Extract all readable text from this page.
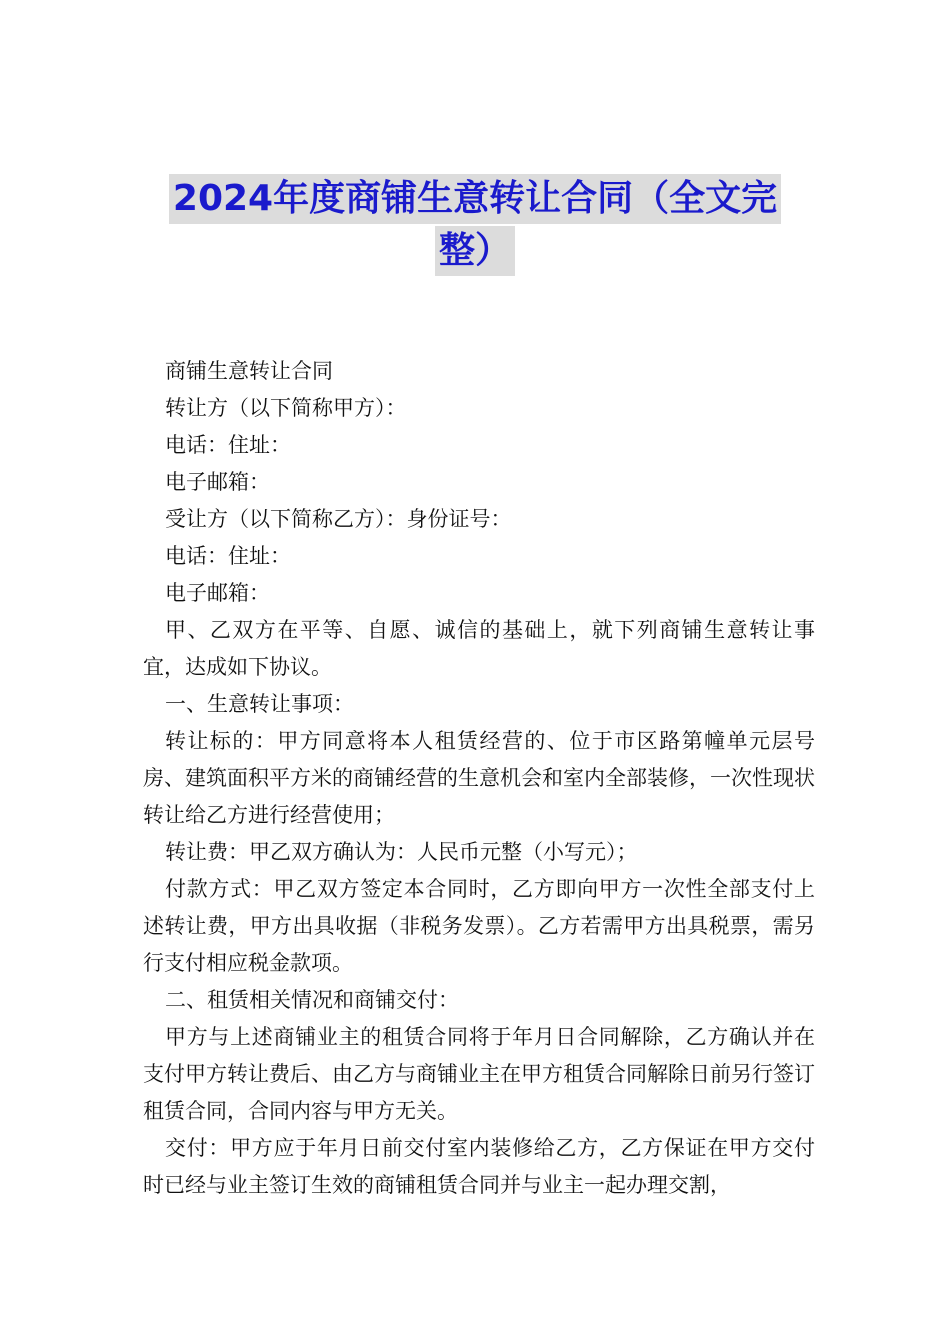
2024年度商铺生意转让合同（全文完
整）

商铺生意转让合同

转让方（以下简称甲方）：

电话：住址：

电子邮箱：

受让方（以下简称乙方）：身份证号：

电话：住址：

电子邮箱：

甲、乙双方在平等、自愿、诚信的基础上，就下列商铺生意转让事宜，达成如下协议。

一、生意转让事项：

转让标的：甲方同意将本人租赁经营的、位于市区路第幢单元层号房、建筑面积平方米的商铺经营的生意机会和室内全部装修，一次性现状转让给乙方进行经营使用；

转让费：甲乙双方确认为：人民币元整（小写元）；

付款方式：甲乙双方签定本合同时，乙方即向甲方一次性全部支付上述转让费，甲方出具收据（非税务发票）。乙方若需甲方出具税票，需另行支付相应税金款项。

二、租赁相关情况和商铺交付：

甲方与上述商铺业主的租赁合同将于年月日合同解除，乙方确认并在支付甲方转让费后、由乙方与商铺业主在甲方租赁合同解除日前另行签订租赁合同，合同内容与甲方无关。

交付：甲方应于年月日前交付室内装修给乙方，乙方保证在甲方交付时已经与业主签订生效的商铺租赁合同并与业主一起办理交割，
